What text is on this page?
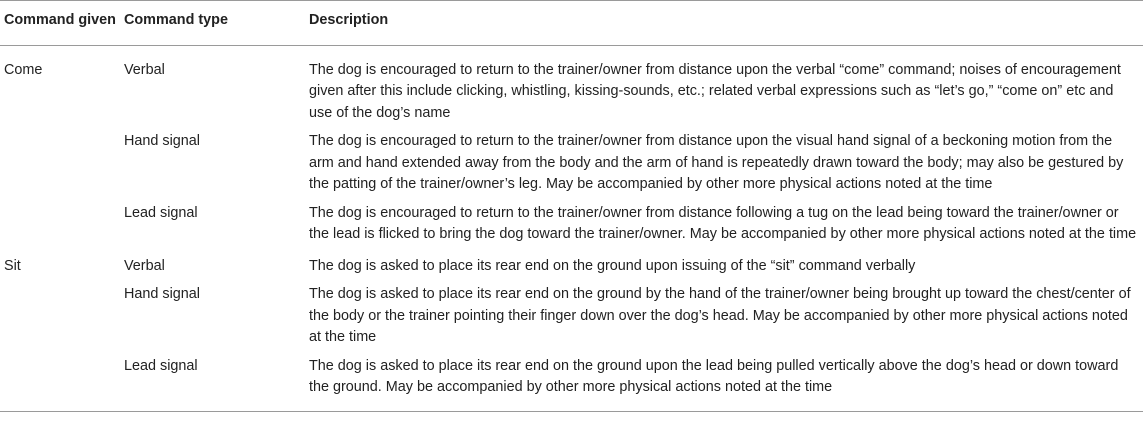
Command given	Command type	Description
Come	Verbal	The dog is encouraged to return to the trainer/owner from distance upon the verbal “come” command; noises of encouragement given after this include clicking, whistling, kissing-sounds, etc.; related verbal expressions such as “let’s go,” “come on” etc and use of the dog’s name
	Hand signal	The dog is encouraged to return to the trainer/owner from distance upon the visual hand signal of a beckoning motion from the arm and hand extended away from the body and the arm of hand is repeatedly drawn toward the body; may also be gestured by the patting of the trainer/owner’s leg. May be accompanied by other more physical actions noted at the time
	Lead signal	The dog is encouraged to return to the trainer/owner from distance following a tug on the lead being toward the trainer/owner or the lead is flicked to bring the dog toward the trainer/owner. May be accompanied by other more physical actions noted at the time
Sit	Verbal	The dog is asked to place its rear end on the ground upon issuing of the “sit” command verbally
	Hand signal	The dog is asked to place its rear end on the ground by the hand of the trainer/owner being brought up toward the chest/center of the body or the trainer pointing their finger down over the dog’s head. May be accompanied by other more physical actions noted at the time
	Lead signal	The dog is asked to place its rear end on the ground upon the lead being pulled vertically above the dog’s head or down toward the ground. May be accompanied by other more physical actions noted at the time
